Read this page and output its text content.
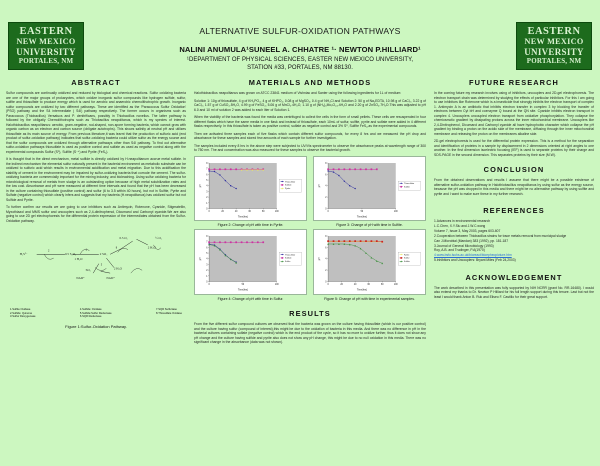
EASTERN
NEW MEXICO
UNIVERSITY
PORTALES, NM
ALTERNATIVE SULFUR-OXIDATION PATHWAYS
NALINI ANUMULA¹SUNEEL A. CHHATRE ¹· NEWTON P.HILLIARD¹
¹DEPARTMENT OF PHYSICAL SCIENCES, EASTER NEW MEXICO UNIVERSITY,
STATION #33, PORTALES, NM 88130.
EASTERN
NEW MEXICO
UNIVERSITY
PORTALES, NM
ABSTRACT

Sulfur compounds are continually oxidized and reduced by biological and chemical reactions. Sulfur oxidizing bacteria are one of the major groups of prokaryotes, which oxidize inorganic sulfur compounds like hydrogen sulfide, sulfur, sulfite and thiosulfate to produce energy which is used for aerobic and anaerobic chemolithotrophic growth. Inorganic sulfur compounds are oxidized by two different pathways. These are identified as the 'Paracoccus Sulfur Oxidation' (PSO) pathway and the S4 intermediate ( S4I) pathway respectively. The former occurs in organisms such as Paracoccus (Thiobacillus) Versatucs and P. denitrificans, possibly in Thiobacillus novellus. The latter pathway is followed by the obligatly Chemolithotrophs such as Thiobacillus neapolitanus, which is my species of interest. Halothiobacillus neapolitanus: aerobic, gram-negative, rod-shaped, non-spore forming bacteria, which cannot grow with organic carbon as an electron and carbon source (obligate autotrophs). This shows salinity at neutral pH and utilizes thiosulfate as its main source of energy. From previous literature,it was learnt that the production of sulfuric acid (end product of sulfur-oxidation pathway) indicates that sulfur-oxidizing bacteria could utilize sulfur as the energy source and that the sulfur compounds are oxidized through alternative pathways other than S4I pathway. To find out alternative sulfur-oxidation pathways thiosulfate is used as positive control and sulfate as used as negative control along with the experimental compounds Sulfur (S⁰), Sulfite (S⁻⁴) and Pyrite (FeS₂).

It is thought that in the direct mechanism, metal sulfide is directly oxidized by H.neapolitanum accrue metal sulfate. In the indirect mechanism the elemental sulfur naturally present in the bacterial environment as metabolic substrate can be oxidized to sulfuric acid which results in environmental acidification and metal migration. Due to this acidification the stability of cement in the environment may be impaired by sulfur-oxidizing bacteria that corrode the cement. The sulfur-oxidizing bacteria are commercially important for the mining industry, and bioleaching. Using sulfur oxidizing bacteria for microbiological removal of metals from sludge is an outstanding option because of high metal solubilization rates and the low cost. Absorbance and pH were measured at different time intervals and found that the pH has been decreased in the culture containing thiosulfate (positive control) and sulfur (6 to 3.5 within 40 hours), but not in Sulfite, Pyrite and Sulfate (negative control) which clearly infers and suggests that my bacteria (H.neapolitanus) has oxidized sulfur but not Sulfide and Pyrite.

To further confirm our results we are going to use inhibitors such as Antimycin, Rotenone, Cyanide, Stigmatellin, Myxothiazol and MMS sulfur and uncouplers such as 2,4-dinitrophenol, Dicumarol and Carbonyl cyanide.We are also going to use 2D gel electrophoresis for the differential protein expression of the intermediates obtained from the Sulfur-Oxidation pathway.

H₂S²⁻	0.5 S₂O₃	2 SO₄
1 H₂O
2 H₂O
2 H₂O
0.5 O₂	½ O₂
SO₃
NAD⁺
NAD⁺
2	1
8
3
1.Sulfite Oxidase
2.Sulfide: Quinone
3.Sulfur Dioxygenase
4.Sulfide: Oxidase
5.Sulfide:Sulfur Reductase
6.SQR Reductase
7.SQR Sulfurtase
8.Thiosulfate Oxidase
Figure 1:Sulfur-Oxidation Pathway.
MATERIALS AND METHODS

Halothiobacillus neapolitanus was grown on ATCC 23841 medium of Vishniac and Santer using the following ingredients for 1L of medium:

Solution 1: 10g of thiosulfate, 4 g of KH₂PO₄, 4 g of KHPO₄, 0.08 g of MgSO₄, 0.4 g of NH₄Cl and Solution 2: 50 g of Na₂EDTA, 10.98 g of CaCl₂, 3.22 g of CaCl₂, 1.57 g of CuSO₄.5H₂O, 4.99 g of FeSO₄, 5.06 g of MnCl₂.4H₂O, 1.10 g of (NH₄)₆Mo₇O₂₄.4H₂O and 2.20 g of ZnSO₄.7H₂O.This was adjusted to pH 6.0 and 10 ml of solution 2 was added to each liter of Solution 1.

When the viability of the bacteria was found the media was centrifuged to collect the cells in the form of small pellets. These cells are resuspended in four different flasks which have the same media in one flask and instead of thiosulfate, each 10mL of sulfur, sulfite, pyrite and sulfate were added in 4 different flasks respectively. In this thiosulfate is taken as positive control, sulfate as negative control and 3% S⁰, Sulfite FeS₂,as the experimental compounds.

Then we activated three samples each of five flasks which contain different sulfur compounds, for every 8 hrs and we measured the pH drop and absorbance for these samples and stored few amounts of each sample for further investigation.

The samples included every 8 hrs in the above step were subjected to UV/Vis spectrometer to observe the absorbance peaks at wavelength range of 300 to 750 nm. The and concentration was also measured for these samples to observe the bacterial growth.

0
1
2
3
4
5
6
7
8
0	20	40	60	80	100
Time(hrs)
pH
Thiosulfate
Sulfate
Pyrite
Figure 2: Change of pH with time in Pyrite.
0
2
4
6
8
0	50	100
Time(hrs)
pH
Thiosulfate
Sulfite
Figure 3: Change of pH with time in Sulfite.
0
1
2
3
4
5
6
7
8
0	50	100
Time(hrs)
pH
Thiosulfate
Sulfate
Sulfur
Figure 4: Change of pH with time in Sulfur.
0
2
4
6
8
0	20	40	60	80	100
Time(hrs)
pH
Pyrite
Sulfur
Sulfite
Figure 5: Change of pH with time in experimental samples.
RESULTS

From the five different sulfur compound cultures we observed that the bacteria was grown on the culture having thiosulfate (which is our positive control) and the culture having sulfur (compound of interest),this might be due to the oxidation of bacteria in this media. And there was no difference in pH in the bacterial cultures containing sulfate (negative control) which is the end product of the cycle, so it has no more to oxidize further, thus it does not show any pH change and the culture having sulfide and pyrite also does not show any pH change, this might be due to no null oxidation in this media. There was no significant change in the absorbance (data was not shown).

FUTURE RESEARCH

In the coming future my research involves using of inhibitors, uncouplers and 2D-gel electrophoresis. The electron transport chain was determined by studying the effects of particular inhibitors. For this I am going to use inhibitors like Rotenone which is a insecticide that strongly inhibits the electron transport of complex 1. Antimycin A is an antibiotic that inhibits electron transfer in complex 3 by blocking the transfer of electrons between Cyt bH and coenzyme Q bound at the QN site. Cyanide inhibits electron transport in complex 4. Uncouplers uncoupled electron transport from oxidative phosphorylation. They collapse the chemiosmotic gradient by dissipating protons across the inner mitochondrial membrane. Uncouplers like 2,4-Dinitrophenol, Dicumarol and Carbonyl cyanide all have hydrophobic character which collapse the pH gradient by binding a proton on the acidic side of the membrane, diffusing through the inner mitochondrial membrane and releasing the proton on the membranes alkaline side.

2D-gel electrophoresis is used for the differential protein expression. This is a method for the separation and identification of proteins in a sample by displacement in 2 dimensions oriented at right angles to one another. In the first dimension isoelectric focusing (IEF) is used to separate proteins by their charge and SDS-PAGE in the second dimension. This separates proteins by their size (M.W).

CONCLUSION

From the obtained observations and results I assume that there might be a possible existence of alternative sulfur-oxidation pathway in Halothiobacillus neapolitanus by using sulfur as the energy source, because the pH was dropped in this media and there might be no alternative pathway by using sulfite and pyrite and I want to make sure these in my further research.

REFERENCES
1.Advances in environmental research
L.C.Chen, X.Y.Siu and J.W.C.wong
Volume 7, Issue 3, May 2003, pages 603-607
2.Cooperation between Thiobacillus strains for trace metals removal from municipal sludge
Can J.Microbial (Mandan) 383 (1992), pp. 181-187
3.Journal of General Microbiology (1993)
Roy, A.B. and Trudinger, P.A(1970)
4.www.bsfo.lsuhs.ac.uk/bioreact/bioepheopicture.htm
5.Inhibitors and Uncouplers: Bryant Miles (Feb 24,2003)
ACKNOWLEDGEMENT

The work described in this presentation was fully supported by NIH NCRR (grant No. RR-16480). I would also extend my thanks to Dr. Newton P Hilliard for his full length support during this tenure. Last but not the least I would thank Anton B. Ruk and Eliseo F. Castillo for their great support.
